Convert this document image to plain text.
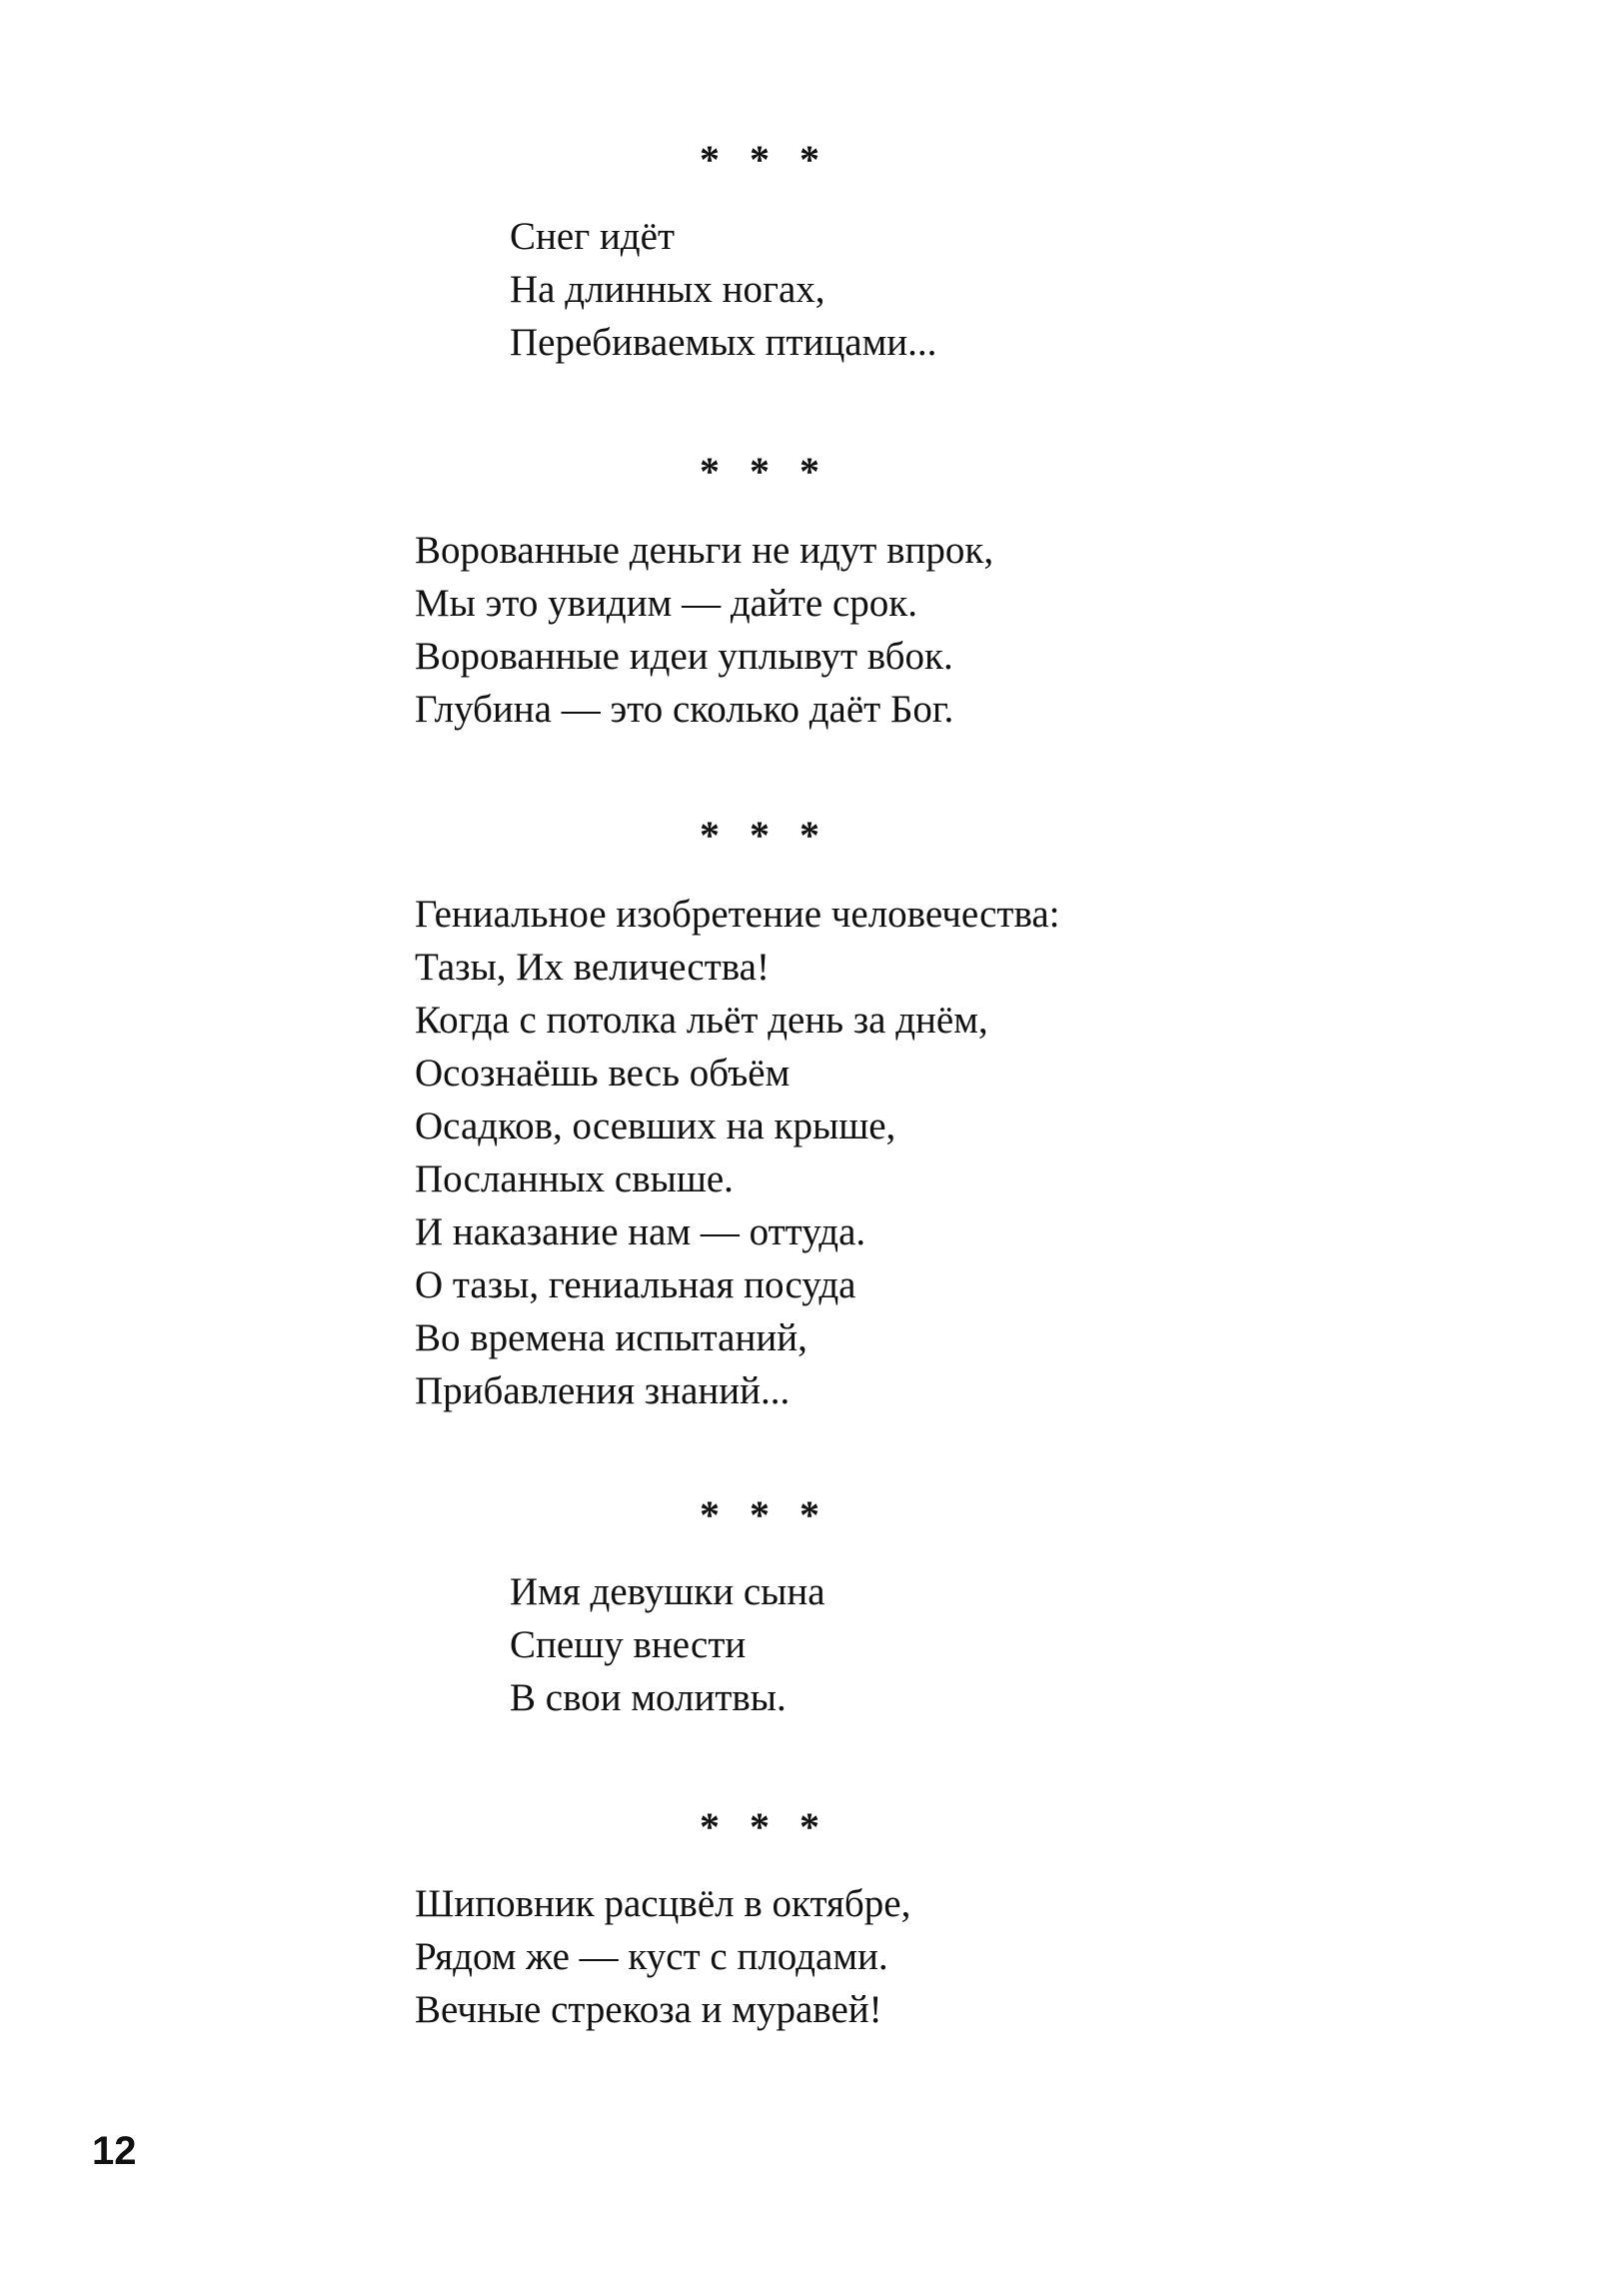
* * *
Снег идёт
На длинных ногах,
Перебиваемых птицами...
* * *
Ворованные деньги не идут впрок,
Мы это увидим — дайте срок.
Ворованные идеи уплывут вбок.
Глубина — это сколько даёт Бог.
* * *
Гениальное изобретение человечества:
Тазы, Их величества!
Когда с потолка льёт день за днём,
Осознаёшь весь объём
Осадков, осевших на крыше,
Посланных свыше.
И наказание нам — оттуда.
О тазы, гениальная посуда
Во времена испытаний,
Прибавления знаний...
* * *
Имя девушки сына
Спешу внести
В свои молитвы.
* * *
Шиповник расцвёл в октябре,
Рядом же — куст с плодами.
Вечные стрекоза и муравей!
12
